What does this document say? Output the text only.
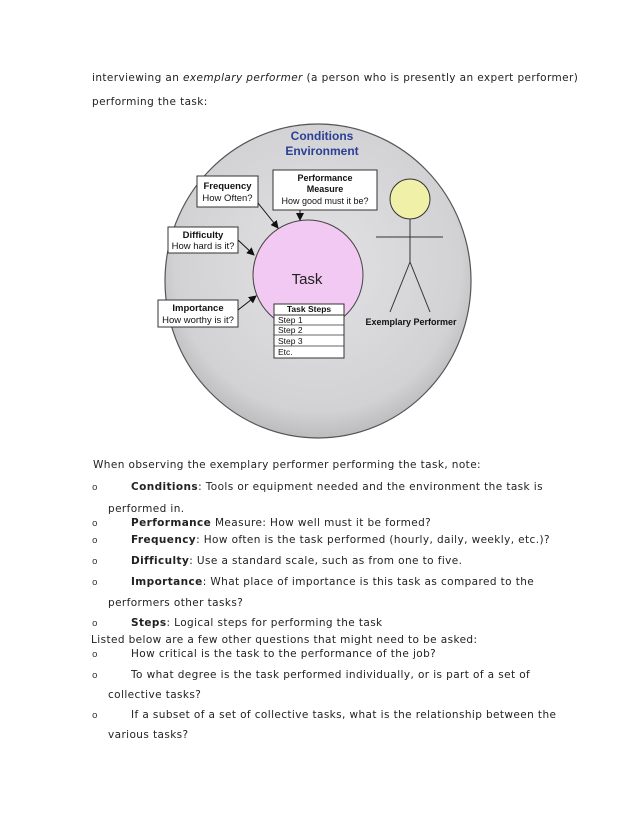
interviewing an exemplary performer (a person who is presently an expert performer)
performing the task:
Conditions
Environment
Task
Frequency
How Often?
Performance
Measure
How good must it be?
Difficulty
How hard is it?
Importance
How worthy is it?
Task Steps
Step 1
Step 2
Step 3
Etc.
Exemplary Performer
When observing the exemplary performer performing the task, note:
o	Conditions: Tools or equipment needed and the environment the task is
performed in.
o	Performance Measure: How well must it be formed?
o	Frequency: How often is the task performed (hourly, daily, weekly, etc.)?
o	Difficulty: Use a standard scale, such as from one to five.
o	Importance: What place of importance is this task as compared to the
performers other tasks?
o	Steps: Logical steps for performing the task
Listed below are a few other questions that might need to be asked:
o	How critical is the task to the performance of the job?
o	To what degree is the task performed individually, or is part of a set of
collective tasks?
o	If a subset of a set of collective tasks, what is the relationship between the
various tasks?
